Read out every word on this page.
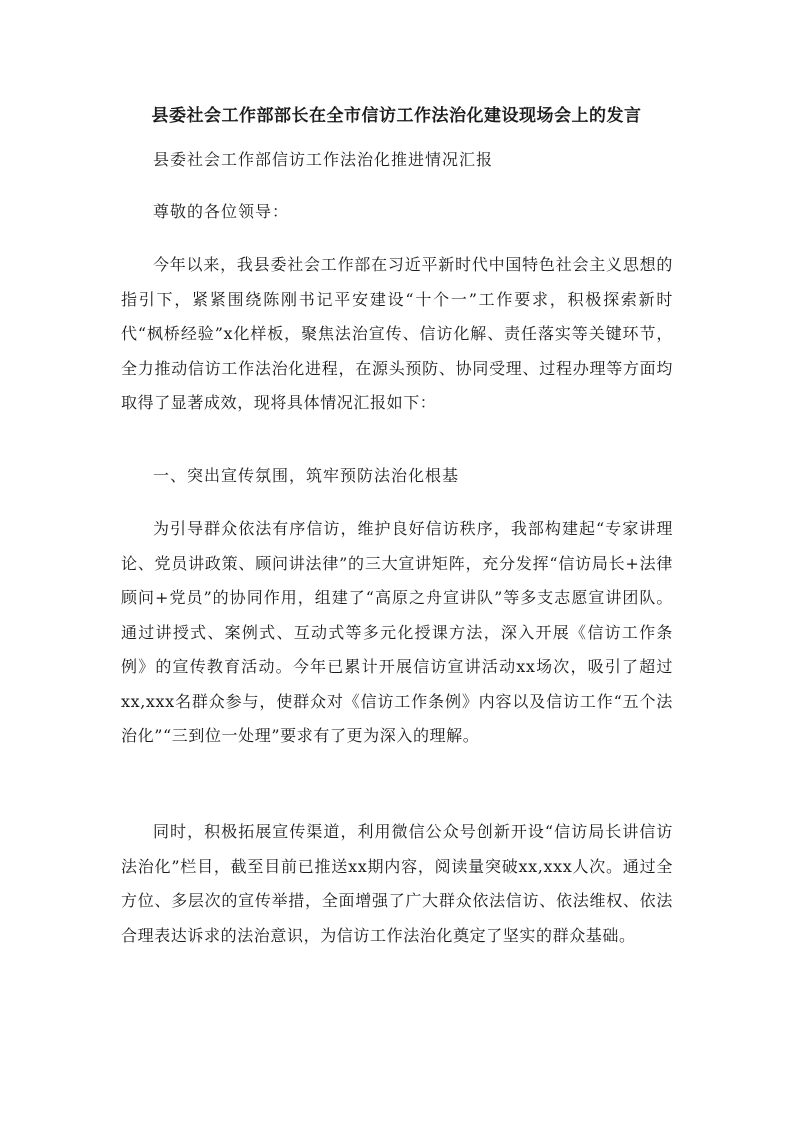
县委社会工作部部长在全市信访工作法治化建设现场会上的发言
县委社会工作部信访工作法治化推进情况汇报
尊敬的各位领导：

今年以来，我县委社会工作部在习近平新时代中国特色社会主义思想的指引下，紧紧围绕陈刚书记平安建设“十个一”工作要求，积极探索新时代“枫桥经验”x化样板，聚焦法治宣传、信访化解、责任落实等关键环节，全力推动信访工作法治化进程，在源头预防、协同受理、过程办理等方面均取得了显著成效，现将具体情况汇报如下：

一、突出宣传氛围，筑牢预防法治化根基

为引导群众依法有序信访，维护良好信访秩序，我部构建起“专家讲理论、党员讲政策、顾问讲法律”的三大宣讲矩阵，充分发挥“信访局长+法律顾问+党员”的协同作用，组建了“高原之舟宣讲队”等多支志愿宣讲团队。通过讲授式、案例式、互动式等多元化授课方法，深入开展《信访工作条例》的宣传教育活动。今年已累计开展信访宣讲活动xx场次，吸引了超过xx,xxx名群众参与，使群众对《信访工作条例》内容以及信访工作“五个法治化”“三到位一处理”要求有了更为深入的理解。

同时，积极拓展宣传渠道，利用微信公众号创新开设“信访局长讲信访法治化”栏目，截至目前已推送xx期内容，阅读量突破xx,xxx人次。通过全方位、多层次的宣传举措，全面增强了广大群众依法信访、依法维权、依法合理表达诉求的法治意识，为信访工作法治化奠定了坚实的群众基础。
